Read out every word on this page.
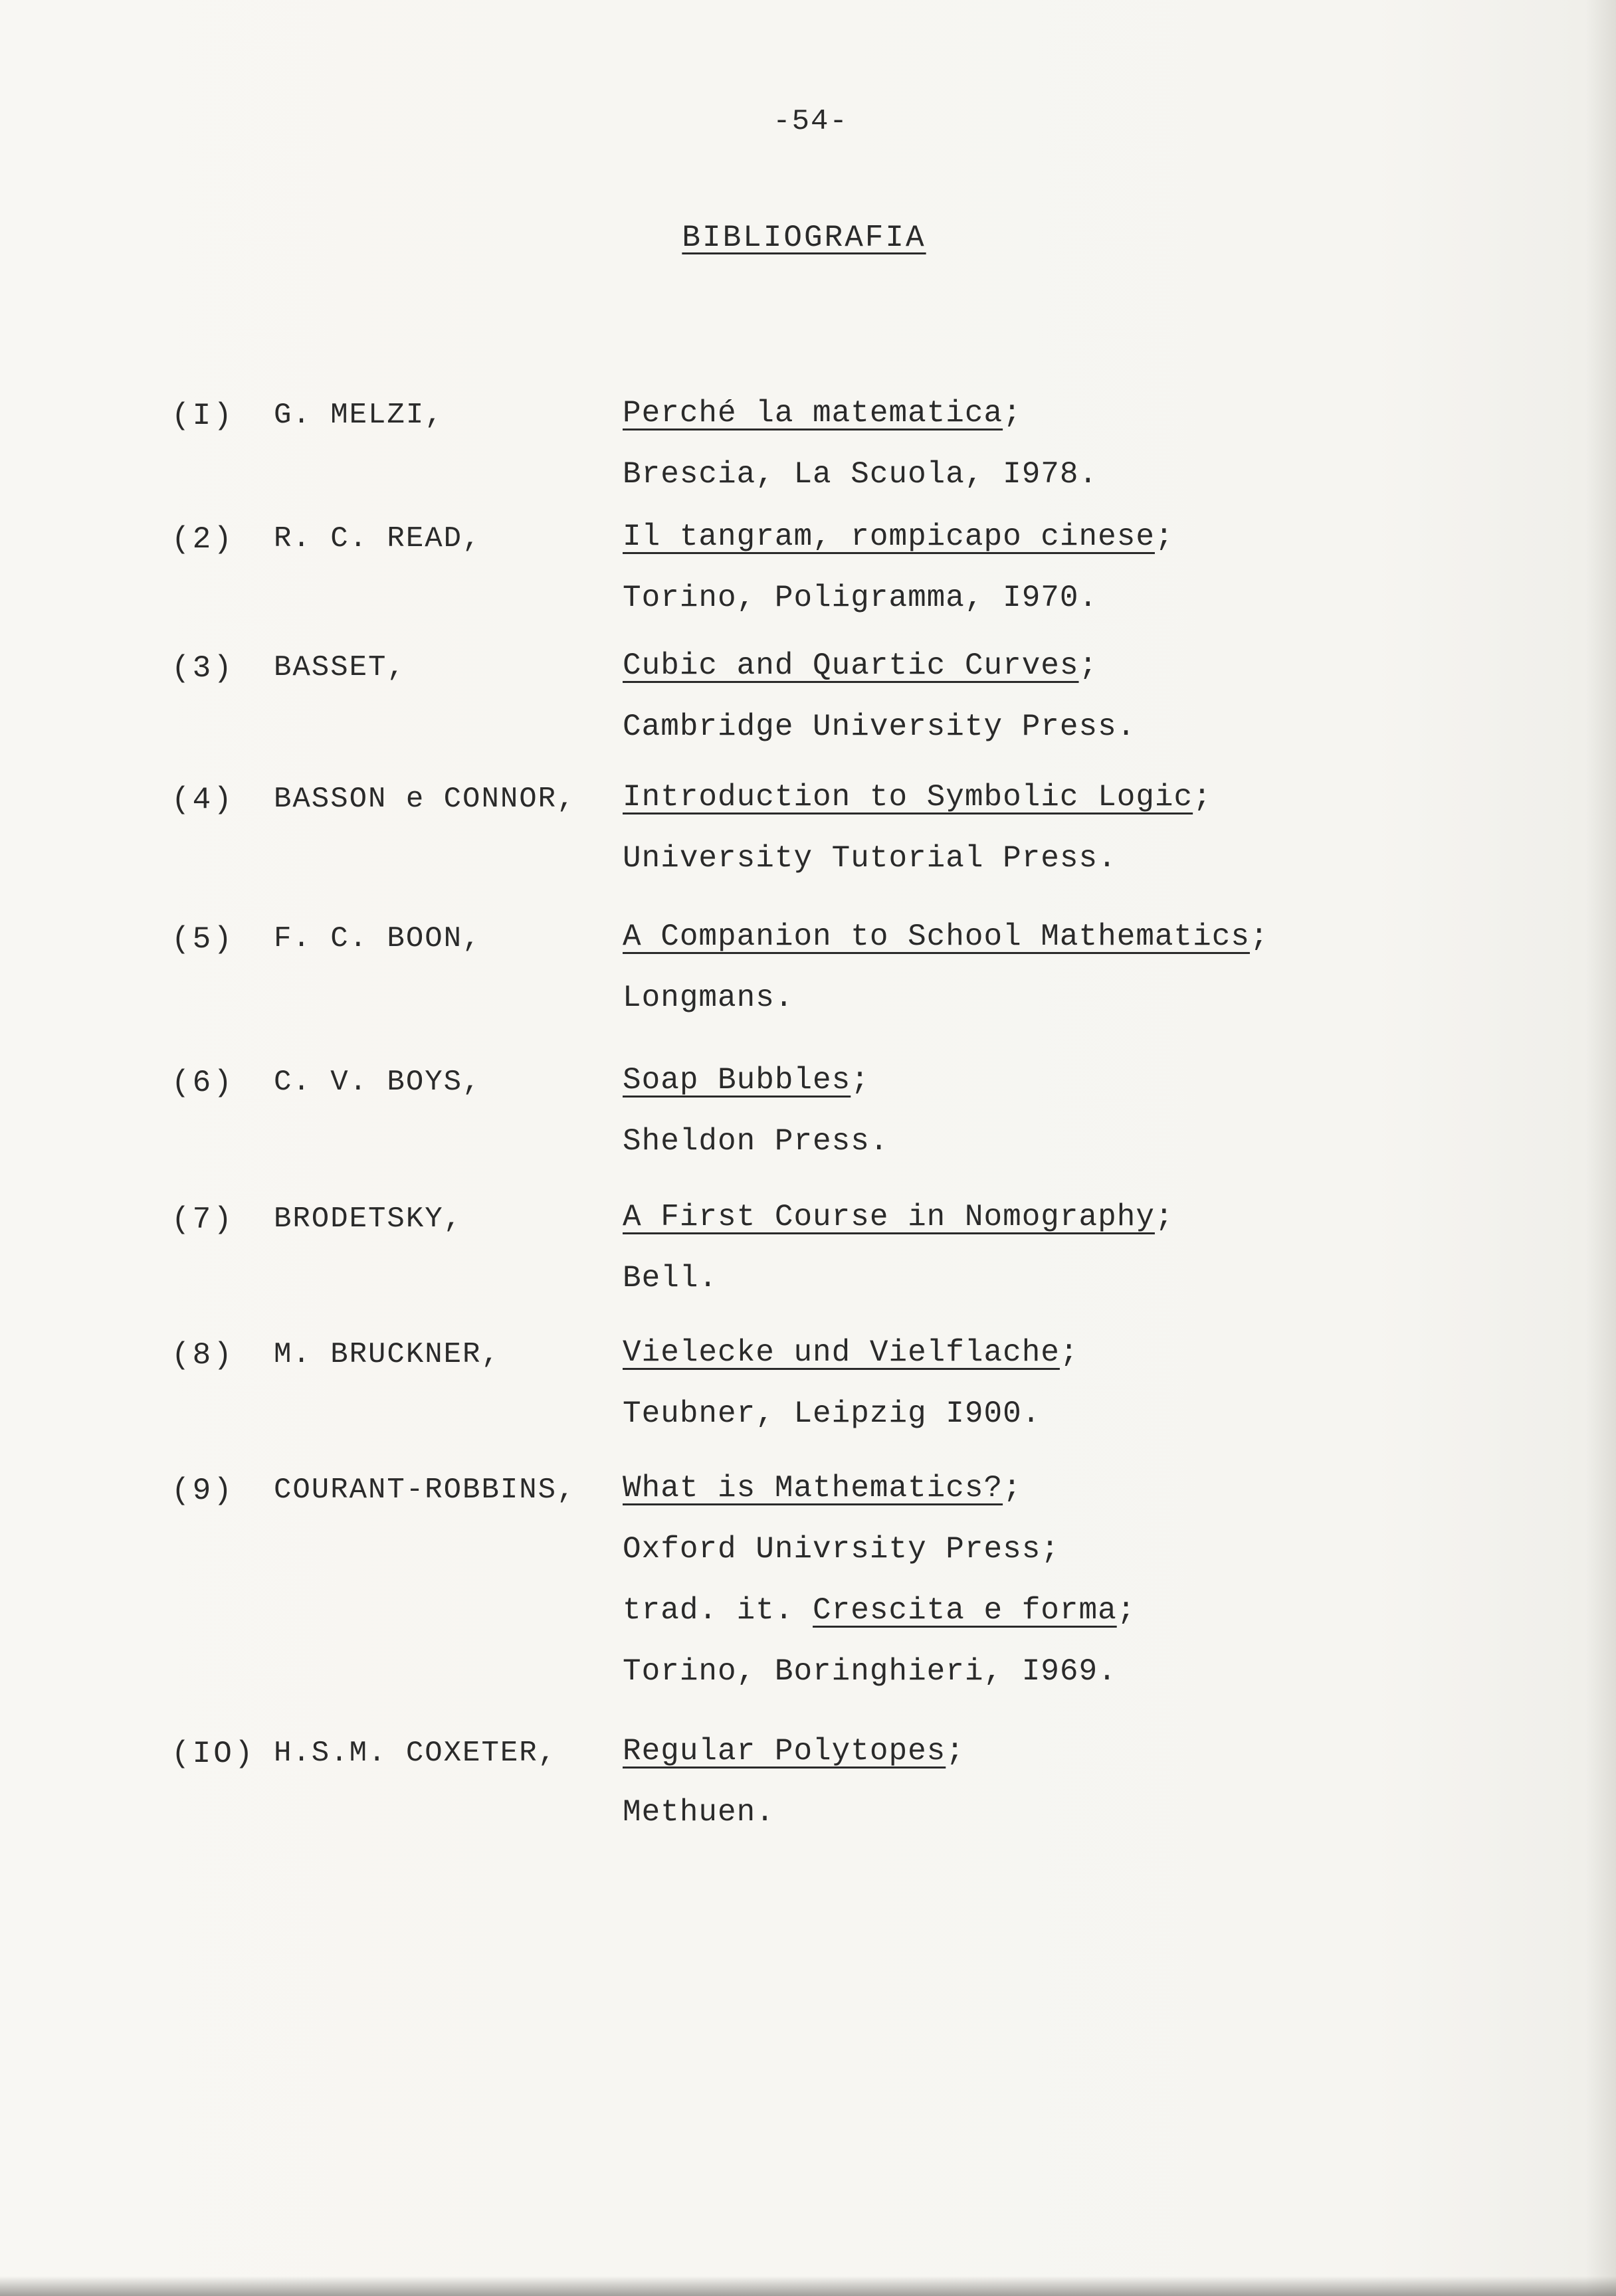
-54-
BIBLIOGRAFIA
(I) G. MELZI,	Perché la matematica;
Brescia, La Scuola, I978.
(2) R. C. READ,	Il tangram, rompicapo cinese;
Torino, Poligramma, I970.
(3) BASSET,	Cubic and Quartic Curves;
Cambridge University Press.
(4) BASSON e CONNOR, Introduction to Symbolic Logic;
University Tutorial Press.
(5) F. C. BOON,	A Companion to School Mathematics;
Longmans.
(6) C. V. BOYS,	Soap Bubbles;
Sheldon Press.
(7) BRODETSKY,	A First Course in Nomography;
Bell.
(8) M. BRUCKNER,	Vielecke und Vielflache;
Teubner, Leipzig I900.
(9) COURANT-ROBBINS, What is Mathematics?;
Oxford Univrsity Press;
trad. it. Crescita e forma;
Torino, Boringhieri, I969.
(IO) H.S.M. COXETER, Regular Polytopes;
Methuen.
